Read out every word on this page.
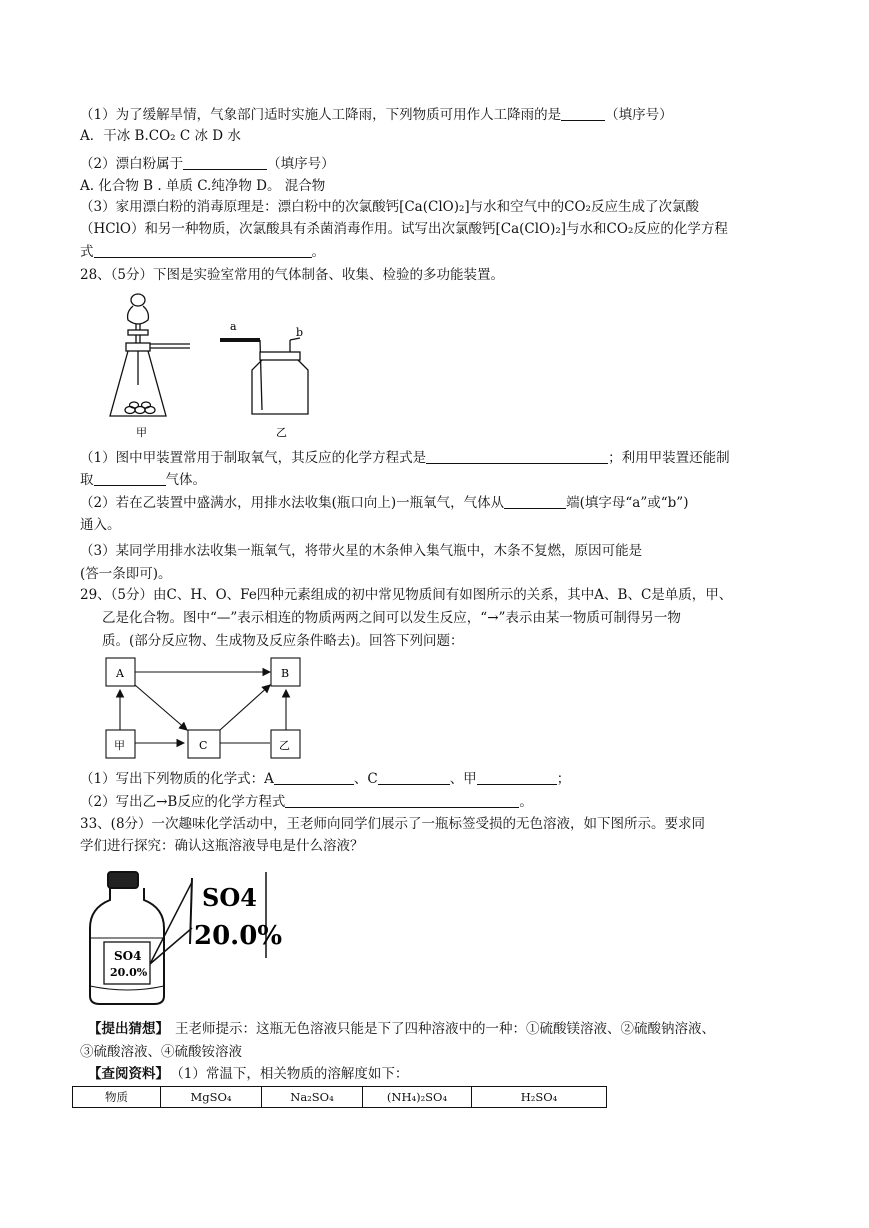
（1）为了缓解旱情，气象部门适时实施人工降雨，下列物质可用作人工降雨的是	（填序号）
A．干冰 B.CO₂ C 冰 D 水
（2）漂白粉属于	（填序号）
A. 化合物 B . 单质 C.纯净物 D。 混合物
（3）家用漂白粉的消毒原理是：漂白粉中的次氯酸钙[Ca(ClO)₂]与水和空气中的CO₂反应生成了次氯酸
（HClO）和另一种物质，次氯酸具有杀菌消毒作用。试写出次氯酸钙[Ca(ClO)₂]与水和CO₂反应的化学方程
式	。
28、（5分）下图是实验室常用的气体制备、收集、检验的多功能装置。
a	b
甲	乙
（1）图中甲装置常用于制取氧气，其反应的化学方程式是	；利用甲装置还能制
取	气体。
（2）若在乙装置中盛满水，用排水法收集(瓶口向上)一瓶氧气，气体从	端(填字母“a”或“b”)
通入。
（3）某同学用排水法收集一瓶氧气，将带火星的木条伸入集气瓶中，木条不复燃，原因可能是
(答一条即可)。
29、（5分）由C、H、O、Fe四种元素组成的初中常见物质间有如图所示的关系，其中A、B、C是单质，甲、
乙是化合物。图中“—”表示相连的物质两两之间可以发生反应，“→”表示由某一物质可制得另一物
质。(部分反应物、生成物及反应条件略去)。回答下列问题：
A	B
甲	C	乙
（1）写出下列物质的化学式：A	、C	、甲	；
（2）写出乙→B反应的化学方程式	。
33、(8分）一次趣味化学活动中，王老师向同学们展示了一瓶标签受损的无色溶液，如下图所示。要求同
学们进行探究：确认这瓶溶液导电是什么溶液？
SO4
20.0%
SO4
20.0%
【提出猜想】 王老师提示：这瓶无色溶液只能是下了四种溶液中的一种：①硫酸镁溶液、②硫酸钠溶液、
③硫酸溶液、④硫酸铵溶液
【查阅资料】 （1）常温下，相关物质的溶解度如下：
物质	MgSO₄	Na₂SO₄	(NH₄)₂SO₄	H₂SO₄
